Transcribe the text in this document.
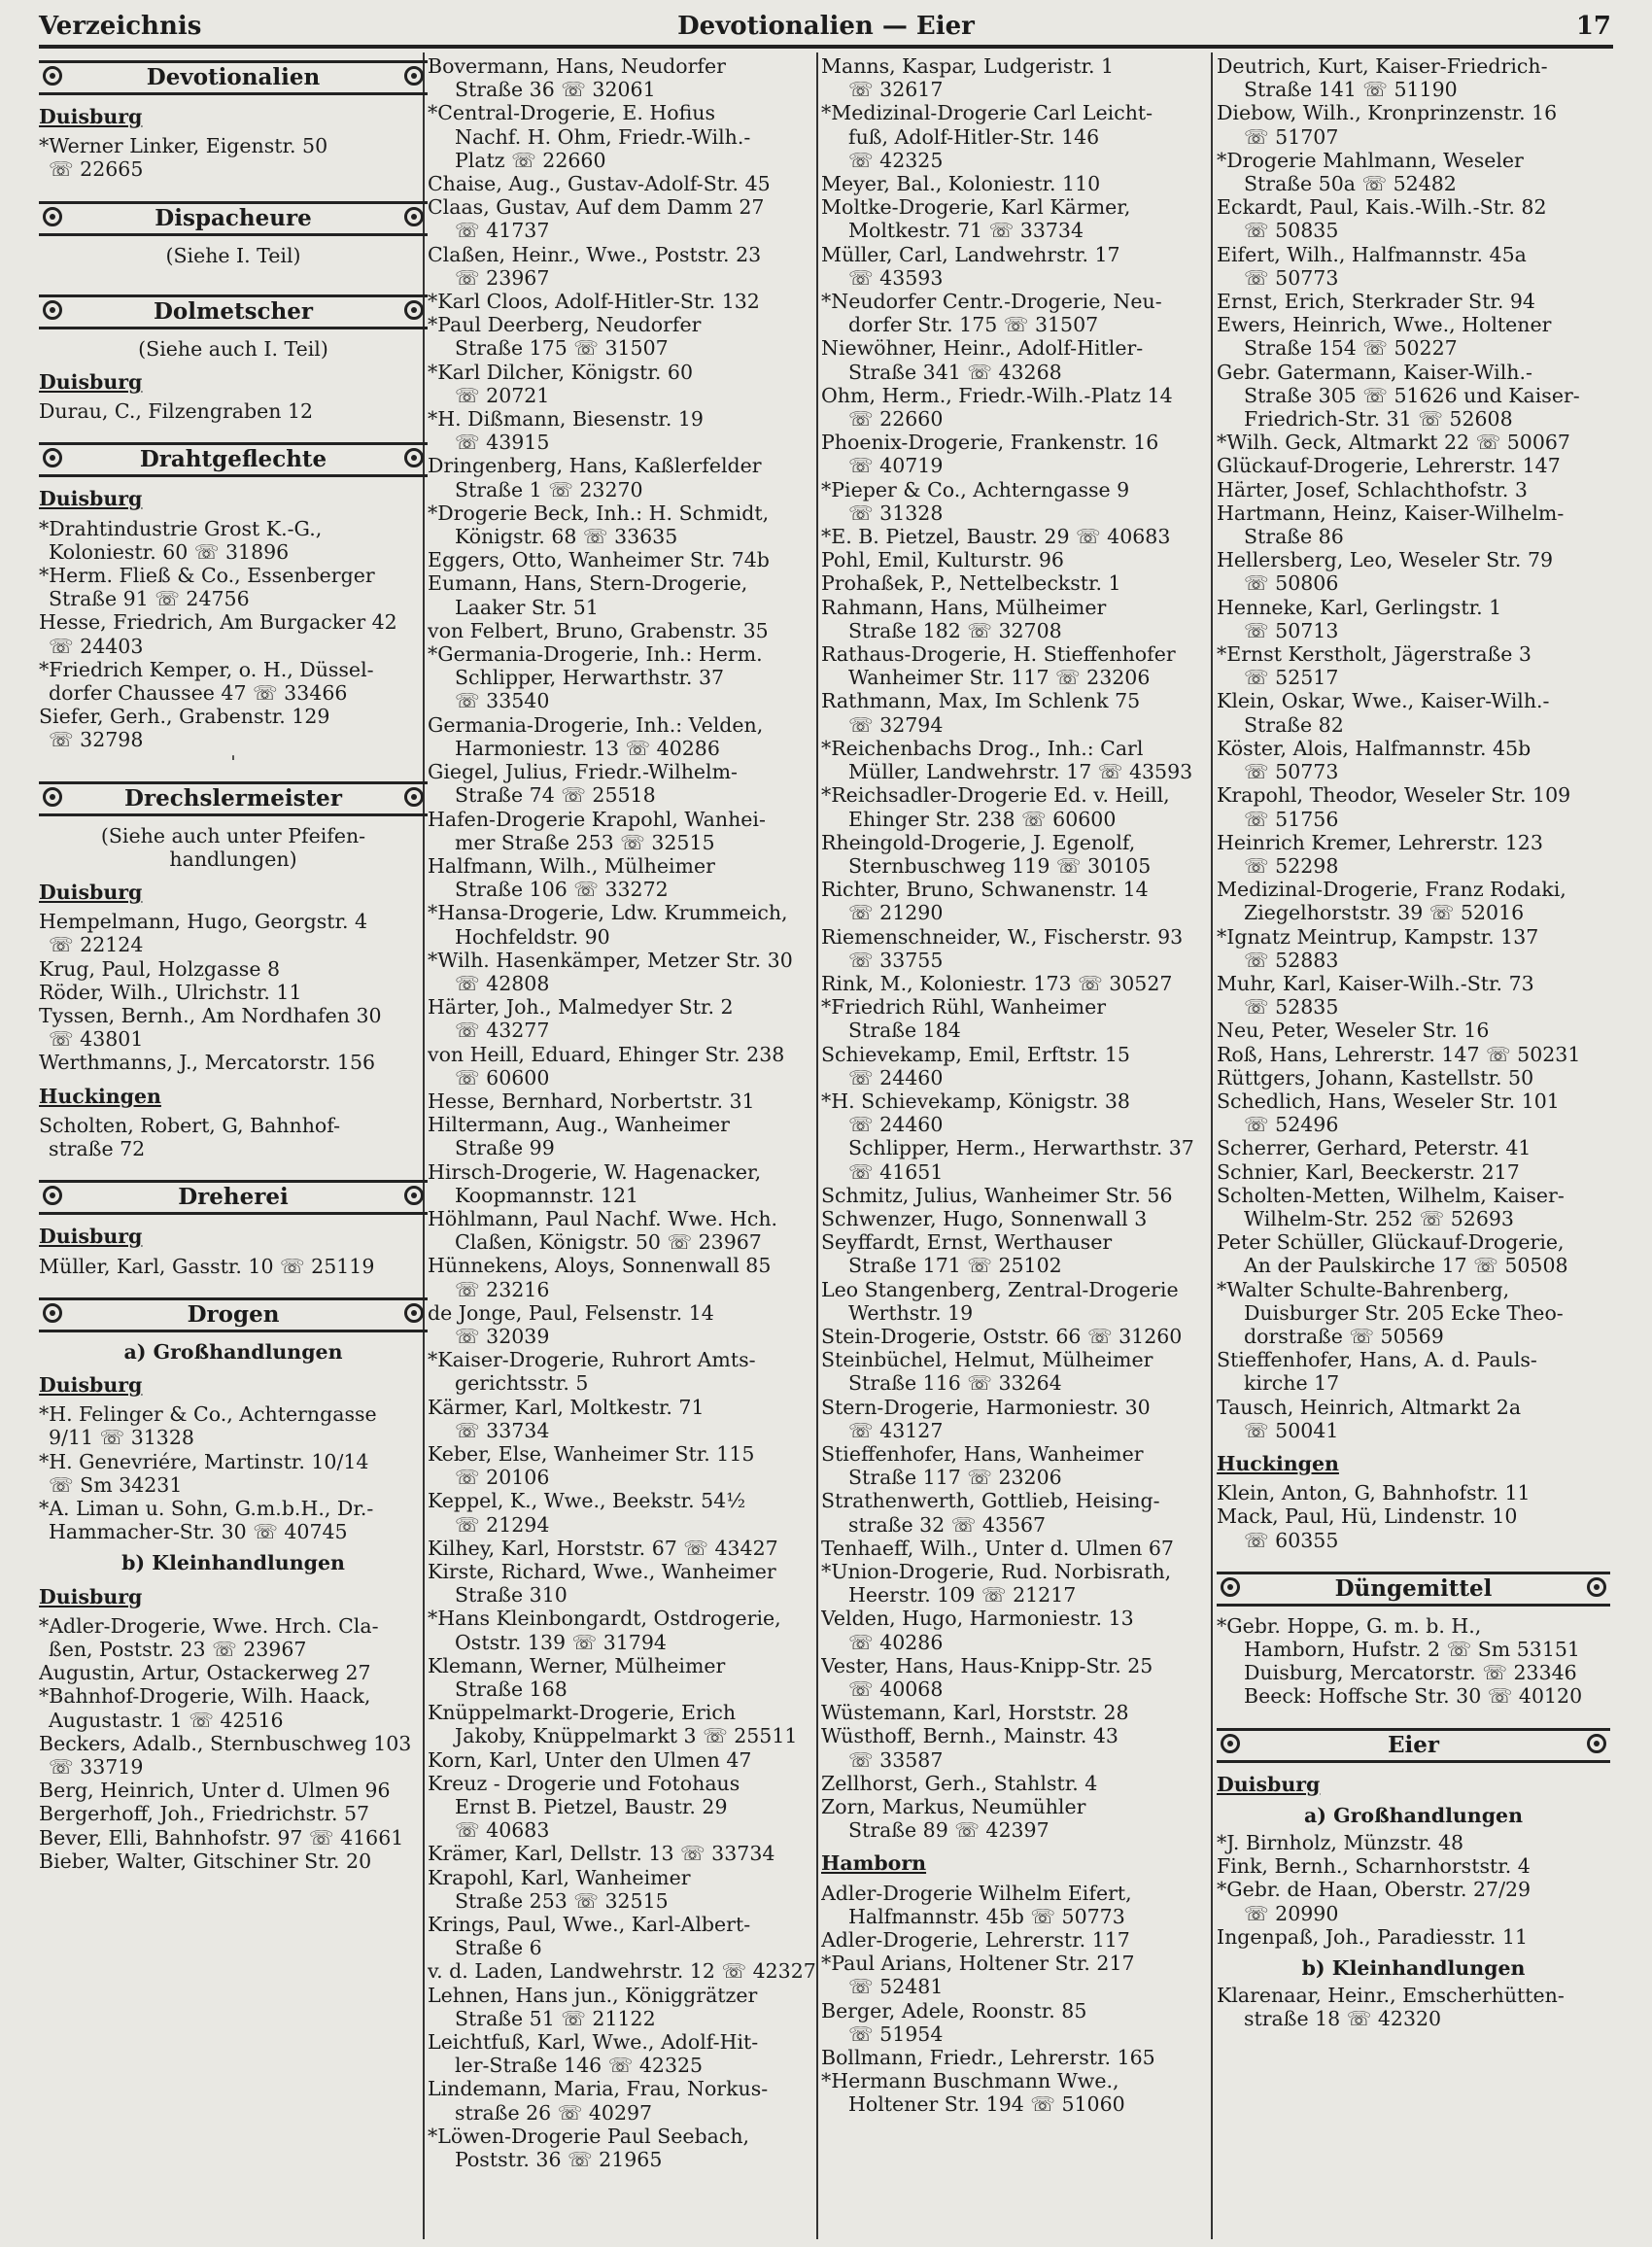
Verzeichnis	Devotionalien — Eier	17
Devotionalien
Duisburg
*Werner Linker, Eigenstr. 50
☏ 22665
Dispacheure
(Siehe I. Teil)
Dolmetscher
(Siehe auch I. Teil)
Duisburg
Durau, C., Filzengraben 12
Drahtgeflechte
Duisburg
*Drahtindustrie Grost K.-G.,
Koloniestr. 60 ☏ 31896
*Herm. Fließ & Co., Essenberger
Straße 91 ☏ 24756
Hesse, Friedrich, Am Burgacker 42
☏ 24403
*Friedrich Kemper, o. H., Düssel-
dorfer Chaussee 47 ☏ 33466
Siefer, Gerh., Grabenstr. 129
☏ 32798
ˈ
Drechslermeister
(Siehe auch unter Pfeifen-
handlungen)
Duisburg
Hempelmann, Hugo, Georgstr. 4
☏ 22124
Krug, Paul, Holzgasse 8
Röder, Wilh., Ulrichstr. 11
Tyssen, Bernh., Am Nordhafen 30
☏ 43801
Werthmanns, J., Mercatorstr. 156
Huckingen
Scholten, Robert, G, Bahnhof-
straße 72
Dreherei
Duisburg
Müller, Karl, Gasstr. 10 ☏ 25119
Drogen
a) Großhandlungen
Duisburg
*H. Felinger & Co., Achterngasse
9/11 ☏ 31328
*H. Genevriére, Martinstr. 10/14
☏ Sm 34231
*A. Liman u. Sohn, G.m.b.H., Dr.-
Hammacher-Str. 30 ☏ 40745
b) Kleinhandlungen
Duisburg
*Adler-Drogerie, Wwe. Hrch. Cla-
ßen, Poststr. 23 ☏ 23967
Augustin, Artur, Ostackerweg 27
*Bahnhof-Drogerie, Wilh. Haack,
Augustastr. 1 ☏ 42516
Beckers, Adalb., Sternbuschweg 103
☏ 33719
Berg, Heinrich, Unter d. Ulmen 96
Bergerhoff, Joh., Friedrichstr. 57
Bever, Elli, Bahnhofstr. 97 ☏ 41661
Bieber, Walter, Gitschiner Str. 20
Bovermann, Hans, Neudorfer
Straße 36 ☏ 32061
*Central-Drogerie, E. Hofius
Nachf. H. Ohm, Friedr.-Wilh.-
Platz ☏ 22660
Chaise, Aug., Gustav-Adolf-Str. 45
Claas, Gustav, Auf dem Damm 27
☏ 41737
Claßen, Heinr., Wwe., Poststr. 23
☏ 23967
*Karl Cloos, Adolf-Hitler-Str. 132
*Paul Deerberg, Neudorfer
Straße 175 ☏ 31507
*Karl Dilcher, Königstr. 60
☏ 20721
*H. Dißmann, Biesenstr. 19
☏ 43915
Dringenberg, Hans, Kaßlerfelder
Straße 1 ☏ 23270
*Drogerie Beck, Inh.: H. Schmidt,
Königstr. 68 ☏ 33635
Eggers, Otto, Wanheimer Str. 74b
Eumann, Hans, Stern-Drogerie,
Laaker Str. 51
von Felbert, Bruno, Grabenstr. 35
*Germania-Drogerie, Inh.: Herm.
Schlipper, Herwarthstr. 37
☏ 33540
Germania-Drogerie, Inh.: Velden,
Harmoniestr. 13 ☏ 40286
Giegel, Julius, Friedr.-Wilhelm-
Straße 74 ☏ 25518
Hafen-Drogerie Krapohl, Wanhei-
mer Straße 253 ☏ 32515
Halfmann, Wilh., Mülheimer
Straße 106 ☏ 33272
*Hansa-Drogerie, Ldw. Krummeich,
Hochfeldstr. 90
*Wilh. Hasenkämper, Metzer Str. 30
☏ 42808
Härter, Joh., Malmedyer Str. 2
☏ 43277
von Heill, Eduard, Ehinger Str. 238
☏ 60600
Hesse, Bernhard, Norbertstr. 31
Hiltermann, Aug., Wanheimer
Straße 99
Hirsch-Drogerie, W. Hagenacker,
Koopmannstr. 121
Höhlmann, Paul Nachf. Wwe. Hch.
Claßen, Königstr. 50 ☏ 23967
Hünnekens, Aloys, Sonnenwall 85
☏ 23216
de Jonge, Paul, Felsenstr. 14
☏ 32039
*Kaiser-Drogerie, Ruhrort Amts-
gerichtsstr. 5
Kärmer, Karl, Moltkestr. 71
☏ 33734
Keber, Else, Wanheimer Str. 115
☏ 20106
Keppel, K., Wwe., Beekstr. 54½
☏ 21294
Kilhey, Karl, Horststr. 67 ☏ 43427
Kirste, Richard, Wwe., Wanheimer
Straße 310
*Hans Kleinbongardt, Ostdrogerie,
Oststr. 139 ☏ 31794
Klemann, Werner, Mülheimer
Straße 168
Knüppelmarkt-Drogerie, Erich
Jakoby, Knüppelmarkt 3 ☏ 25511
Korn, Karl, Unter den Ulmen 47
Kreuz - Drogerie und Fotohaus
Ernst B. Pietzel, Baustr. 29
☏ 40683
Krämer, Karl, Dellstr. 13 ☏ 33734
Krapohl, Karl, Wanheimer
Straße 253 ☏ 32515
Krings, Paul, Wwe., Karl-Albert-
Straße 6
v. d. Laden, Landwehrstr. 12 ☏ 42327
Lehnen, Hans jun., Königgrätzer
Straße 51 ☏ 21122
Leichtfuß, Karl, Wwe., Adolf-Hit-
ler-Straße 146 ☏ 42325
Lindemann, Maria, Frau, Norkus-
straße 26 ☏ 40297
*Löwen-Drogerie Paul Seebach,
Poststr. 36 ☏ 21965
Manns, Kaspar, Ludgeristr. 1
☏ 32617
*Medizinal-Drogerie Carl Leicht-
fuß, Adolf-Hitler-Str. 146
☏ 42325
Meyer, Bal., Koloniestr. 110
Moltke-Drogerie, Karl Kärmer,
Moltkestr. 71 ☏ 33734
Müller, Carl, Landwehrstr. 17
☏ 43593
*Neudorfer Centr.-Drogerie, Neu-
dorfer Str. 175 ☏ 31507
Niewöhner, Heinr., Adolf-Hitler-
Straße 341 ☏ 43268
Ohm, Herm., Friedr.-Wilh.-Platz 14
☏ 22660
Phoenix-Drogerie, Frankenstr. 16
☏ 40719
*Pieper & Co., Achterngasse 9
☏ 31328
*E. B. Pietzel, Baustr. 29 ☏ 40683
Pohl, Emil, Kulturstr. 96
Prohaßek, P., Nettelbeckstr. 1
Rahmann, Hans, Mülheimer
Straße 182 ☏ 32708
Rathaus-Drogerie, H. Stieffenhofer
Wanheimer Str. 117 ☏ 23206
Rathmann, Max, Im Schlenk 75
☏ 32794
*Reichenbachs Drog., Inh.: Carl
Müller, Landwehrstr. 17 ☏ 43593
*Reichsadler-Drogerie Ed. v. Heill,
Ehinger Str. 238 ☏ 60600
Rheingold-Drogerie, J. Egenolf,
Sternbuschweg 119 ☏ 30105
Richter, Bruno, Schwanenstr. 14
☏ 21290
Riemenschneider, W., Fischerstr. 93
☏ 33755
Rink, M., Koloniestr. 173 ☏ 30527
*Friedrich Rühl, Wanheimer
Straße 184
Schievekamp, Emil, Erftstr. 15
☏ 24460
*H. Schievekamp, Königstr. 38
☏ 24460
Schlipper, Herm., Herwarthstr. 37
☏ 41651
Schmitz, Julius, Wanheimer Str. 56
Schwenzer, Hugo, Sonnenwall 3
Seyffardt, Ernst, Werthauser
Straße 171 ☏ 25102
Leo Stangenberg, Zentral-Drogerie
Werthstr. 19
Stein-Drogerie, Oststr. 66 ☏ 31260
Steinbüchel, Helmut, Mülheimer
Straße 116 ☏ 33264
Stern-Drogerie, Harmoniestr. 30
☏ 43127
Stieffenhofer, Hans, Wanheimer
Straße 117 ☏ 23206
Strathenwerth, Gottlieb, Heising-
straße 32 ☏ 43567
Tenhaeff, Wilh., Unter d. Ulmen 67
*Union-Drogerie, Rud. Norbisrath,
Heerstr. 109 ☏ 21217
Velden, Hugo, Harmoniestr. 13
☏ 40286
Vester, Hans, Haus-Knipp-Str. 25
☏ 40068
Wüstemann, Karl, Horststr. 28
Wüsthoff, Bernh., Mainstr. 43
☏ 33587
Zellhorst, Gerh., Stahlstr. 4
Zorn, Markus, Neumühler
Straße 89 ☏ 42397
Hamborn
Adler-Drogerie Wilhelm Eifert,
Halfmannstr. 45b ☏ 50773
Adler-Drogerie, Lehrerstr. 117
*Paul Arians, Holtener Str. 217
☏ 52481
Berger, Adele, Roonstr. 85
☏ 51954
Bollmann, Friedr., Lehrerstr. 165
*Hermann Buschmann Wwe.,
Holtener Str. 194 ☏ 51060
Deutrich, Kurt, Kaiser-Friedrich-
Straße 141 ☏ 51190
Diebow, Wilh., Kronprinzenstr. 16
☏ 51707
*Drogerie Mahlmann, Weseler
Straße 50a ☏ 52482
Eckardt, Paul, Kais.-Wilh.-Str. 82
☏ 50835
Eifert, Wilh., Halfmannstr. 45a
☏ 50773
Ernst, Erich, Sterkrader Str. 94
Ewers, Heinrich, Wwe., Holtener
Straße 154 ☏ 50227
Gebr. Gatermann, Kaiser-Wilh.-
Straße 305 ☏ 51626 und Kaiser-
Friedrich-Str. 31 ☏ 52608
*Wilh. Geck, Altmarkt 22 ☏ 50067
Glückauf-Drogerie, Lehrerstr. 147
Härter, Josef, Schlachthofstr. 3
Hartmann, Heinz, Kaiser-Wilhelm-
Straße 86
Hellersberg, Leo, Weseler Str. 79
☏ 50806
Henneke, Karl, Gerlingstr. 1
☏ 50713
*Ernst Kerstholt, Jägerstraße 3
☏ 52517
Klein, Oskar, Wwe., Kaiser-Wilh.-
Straße 82
Köster, Alois, Halfmannstr. 45b
☏ 50773
Krapohl, Theodor, Weseler Str. 109
☏ 51756
Heinrich Kremer, Lehrerstr. 123
☏ 52298
Medizinal-Drogerie, Franz Rodaki,
Ziegelhorststr. 39 ☏ 52016
*Ignatz Meintrup, Kampstr. 137
☏ 52883
Muhr, Karl, Kaiser-Wilh.-Str. 73
☏ 52835
Neu, Peter, Weseler Str. 16
Roß, Hans, Lehrerstr. 147 ☏ 50231
Rüttgers, Johann, Kastellstr. 50
Schedlich, Hans, Weseler Str. 101
☏ 52496
Scherrer, Gerhard, Peterstr. 41
Schnier, Karl, Beeckerstr. 217
Scholten-Metten, Wilhelm, Kaiser-
Wilhelm-Str. 252 ☏ 52693
Peter Schüller, Glückauf-Drogerie,
An der Paulskirche 17 ☏ 50508
*Walter Schulte-Bahrenberg,
Duisburger Str. 205 Ecke Theo-
dorstraße ☏ 50569
Stieffenhofer, Hans, A. d. Pauls-
kirche 17
Tausch, Heinrich, Altmarkt 2a
☏ 50041
Huckingen
Klein, Anton, G, Bahnhofstr. 11
Mack, Paul, Hü, Lindenstr. 10
☏ 60355
Düngemittel
*Gebr. Hoppe, G. m. b. H.,
Hamborn, Hufstr. 2 ☏ Sm 53151
Duisburg, Mercatorstr. ☏ 23346
Beeck: Hoffsche Str. 30 ☏ 40120
Eier
Duisburg
a) Großhandlungen
*J. Birnholz, Münzstr. 48
Fink, Bernh., Scharnhorststr. 4
*Gebr. de Haan, Oberstr. 27/29
☏ 20990
Ingenpaß, Joh., Paradiesstr. 11
b) Kleinhandlungen
Klarenaar, Heinr., Emscherhütten-
straße 18 ☏ 42320
